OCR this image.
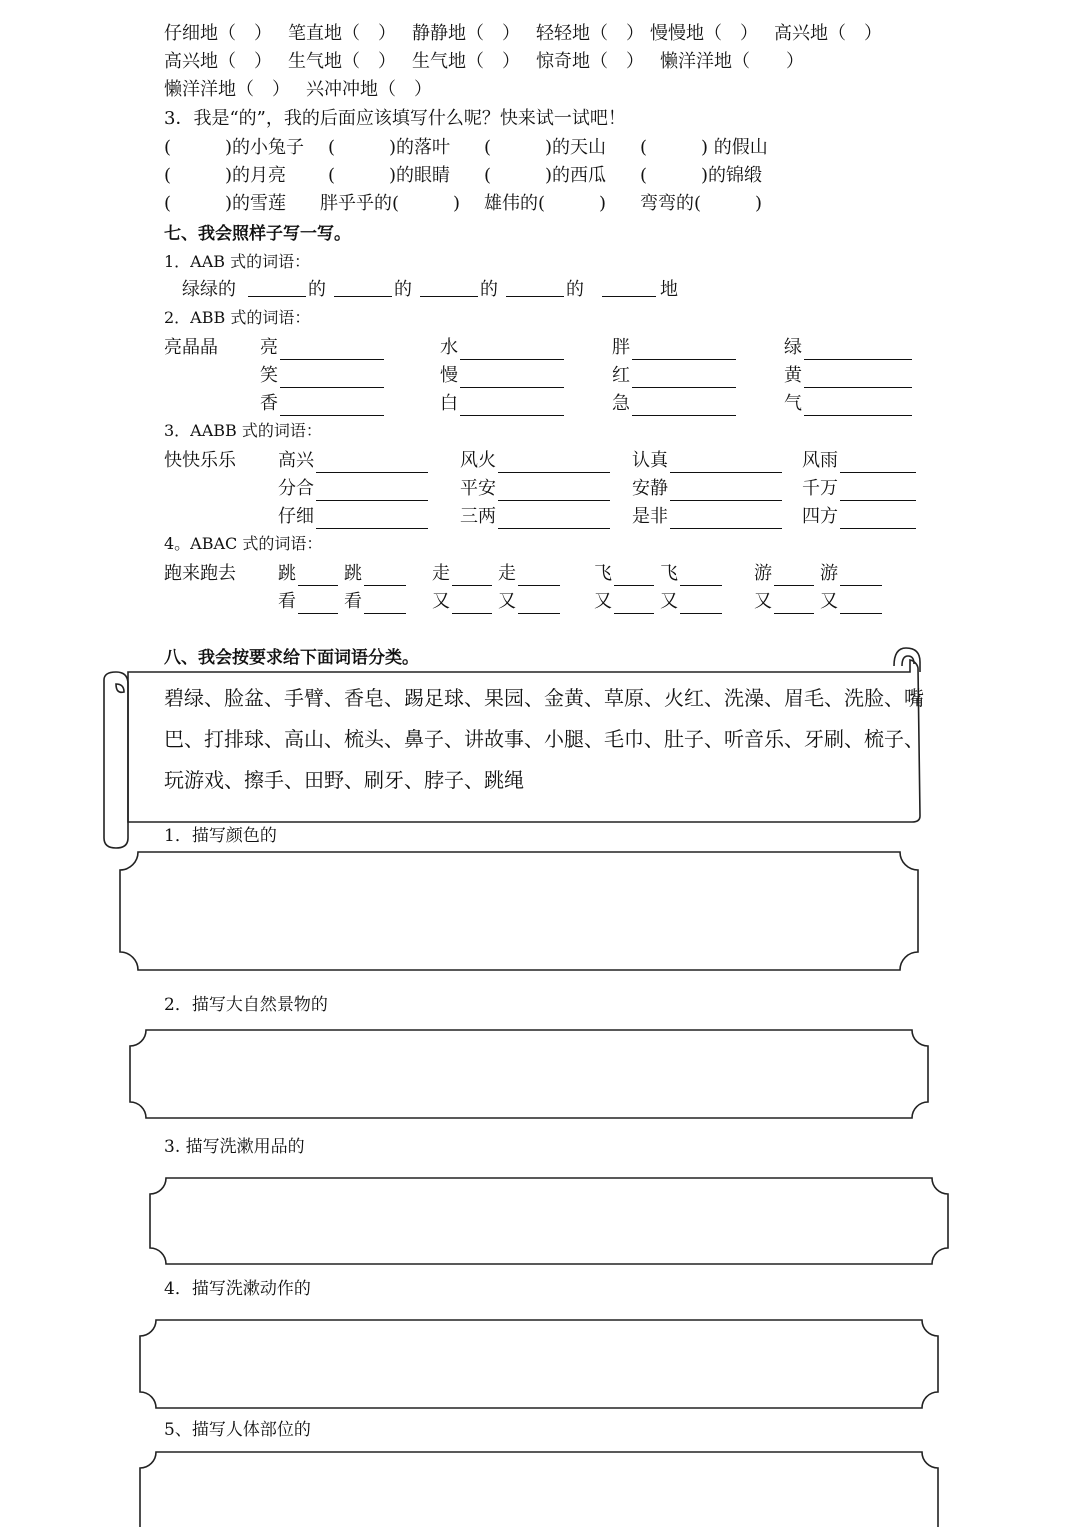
仔细地（　） 笔直地（　） 静静地（　） 轻轻地（　） 慢慢地（　） 高兴地（　）
高兴地（　） 生气地（　） 生气地（　） 惊奇地（　） 懒洋洋地（　　）
懒洋洋地（　） 兴冲冲地（　）
3．我是“的”，我的后面应该填写什么呢？快来试一试吧！
(　　　)的小兔子 (　　　)的落叶 (　　　)的天山 (　　　) 的假山
(　　　)的月亮 (　　　)的眼睛 (　　　)的西瓜 (　　　)的锦缎
(　　　)的雪莲 胖乎乎的(　　　) 雄伟的(　　　) 弯弯的(　　　)
七、我会照样子写一写。
1．AAB 式的词语：
绿绿的	的	的	的	的	地
2．ABB 式的词语：
亮晶晶 亮	水	胖	绿
笑	慢	红	黄
香	白	急	气
3．AABB 式的词语：
快快乐乐 高兴	风火	认真	风雨
分合	平安	安静	千万
仔细	三两	是非	四方
4。ABAC 式的词语：
跑来跑去 跳	跳	走	走	飞	飞	游	游
看	看	又	又	又	又	又	又
八、我会按要求给下面词语分类。
碧绿、脸盆、手臂、香皂、踢足球、果园、金黄、草原、火红、洗澡、眉毛、洗脸、嘴巴、打排球、高山、梳头、鼻子、讲故事、小腿、毛巾、肚子、听音乐、牙刷、梳子、玩游戏、擦手、田野、刷牙、脖子、跳绳
1．描写颜色的
2．描写大自然景物的
3. 描写洗漱用品的
4．描写洗漱动作的
5、描写人体部位的
